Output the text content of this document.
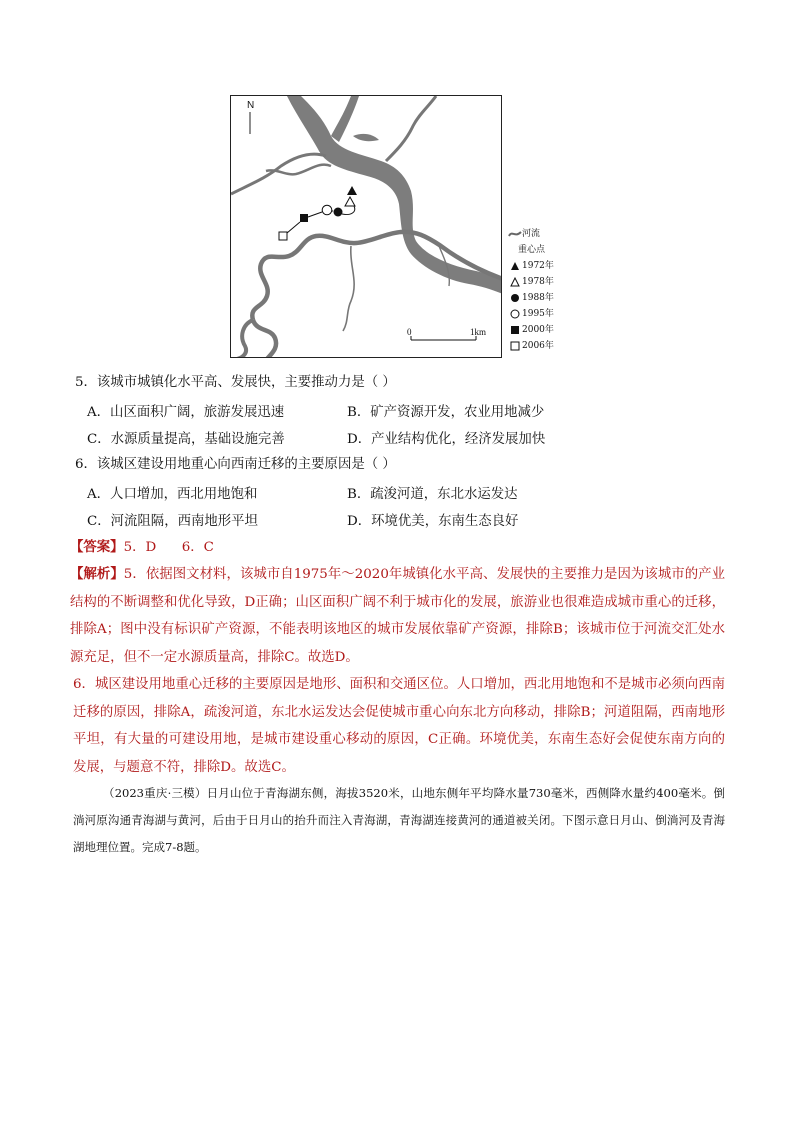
N
0	1km
河流
重心点
1972年
1978年
1988年
1995年
2000年
2006年
5．该城市城镇化水平高、发展快，主要推动力是（ ）
A．山区面积广阔，旅游发展迅速	B．矿产资源开发，农业用地减少
C．水源质量提高，基础设施完善	D．产业结构优化，经济发展加快
6．该城区建设用地重心向西南迁移的主要原因是（ ）
A．人口增加，西北用地饱和	B．疏浚河道，东北水运发达
C．河流阻隔，西南地形平坦	D．环境优美，东南生态良好
【答案】5．D      6．C
【解析】5．依据图文材料，该城市自1975年～2020年城镇化水平高、发展快的主要推力是因为该城市的产业结构的不断调整和优化导致，D正确；山区面积广阔不利于城市化的发展，旅游业也很难造成城市重心的迁移，排除A；图中没有标识矿产资源，不能表明该地区的城市发展依靠矿产资源，排除B；该城市位于河流交汇处水源充足，但不一定水源质量高，排除C。故选D。
6．城区建设用地重心迁移的主要原因是地形、面积和交通区位。人口增加，西北用地饱和不是城市必须向西南迁移的原因，排除A，疏浚河道，东北水运发达会促使城市重心向东北方向移动，排除B；河道阻隔，西南地形平坦，有大量的可建设用地，是城市建设重心移动的原因，C正确。环境优美，东南生态好会促使东南方向的发展，与题意不符，排除D。故选C。
（2023重庆·三模）日月山位于青海湖东侧，海拔3520米，山地东侧年平均降水量730毫米，西侧降水量约400毫米。倒淌河原沟通青海湖与黄河，后由于日月山的抬升而注入青海湖，青海湖连接黄河的通道被关闭。下图示意日月山、倒淌河及青海湖地理位置。完成7-8题。
